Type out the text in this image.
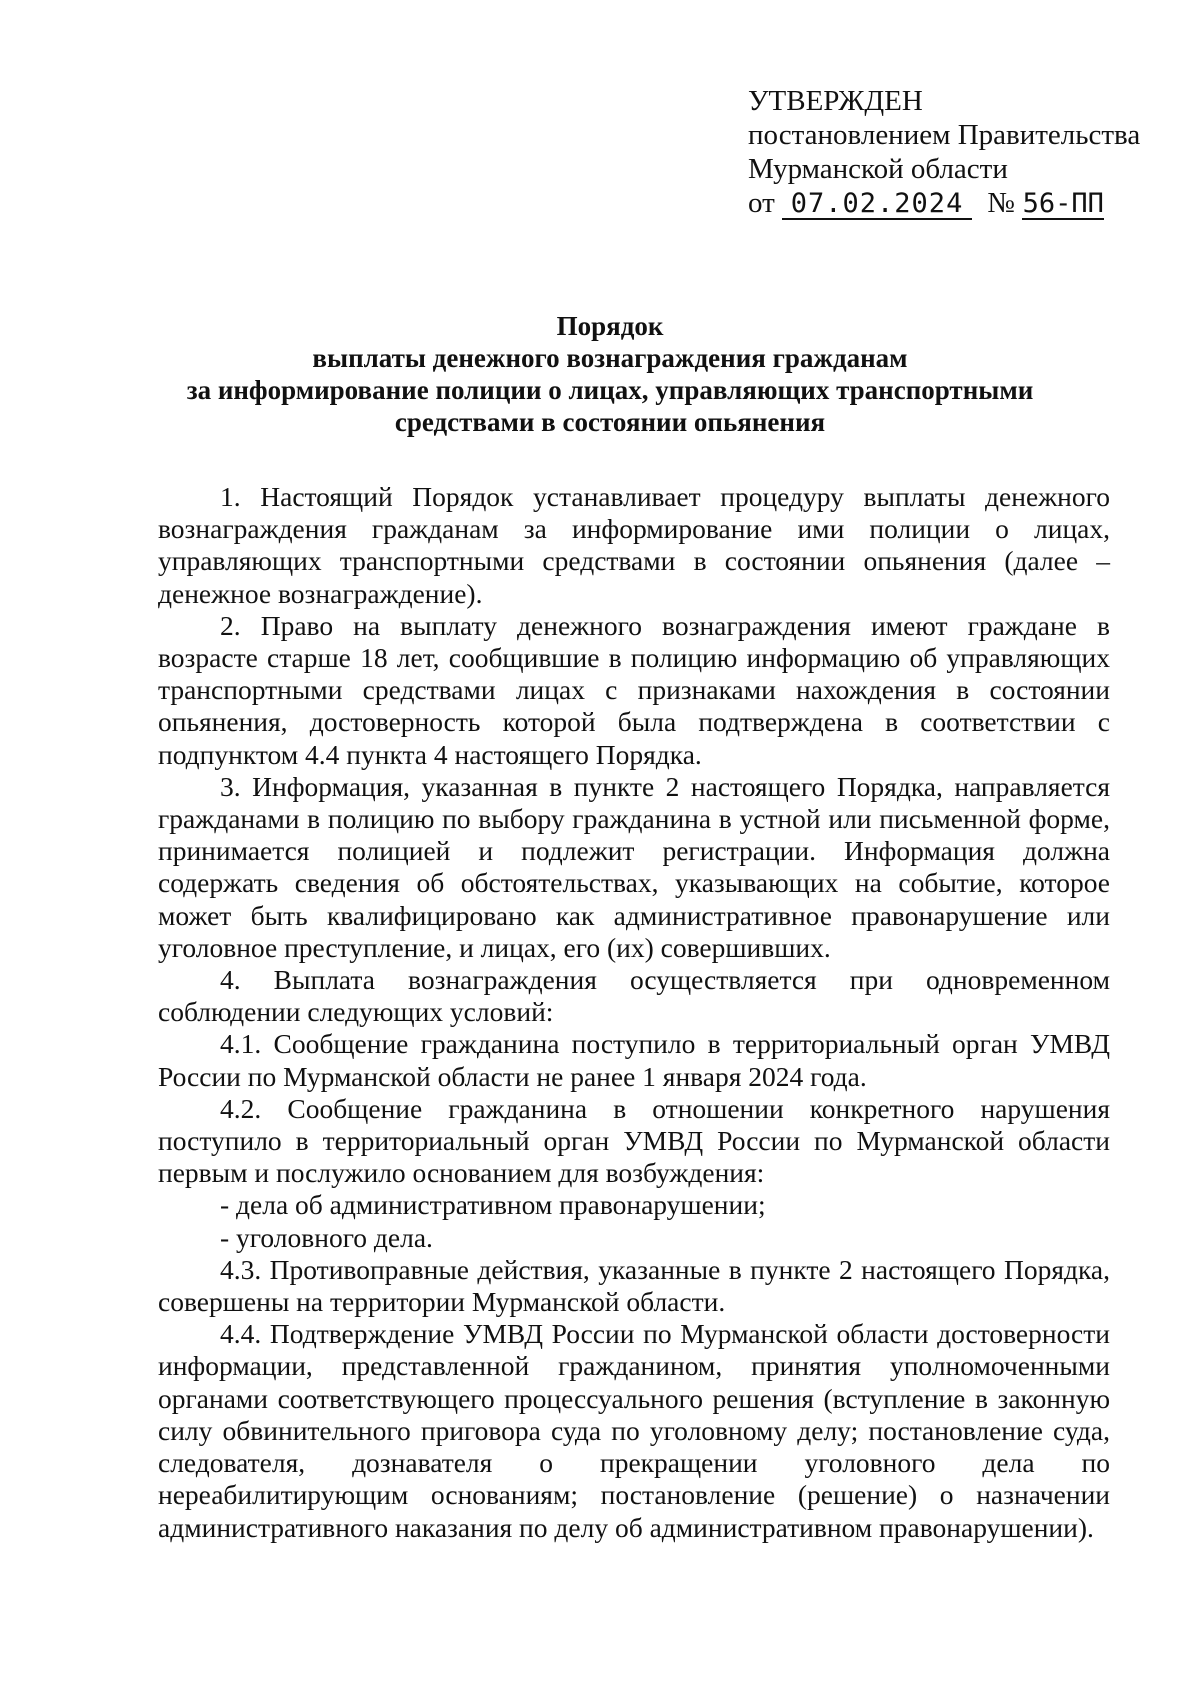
УТВЕРЖДЕН
постановлением Правительства
Мурманской области
от 07.02.2024 № 56-ПП
Порядок
выплаты денежного вознаграждения гражданам
за информирование полиции о лицах, управляющих транспортными
средствами в состоянии опьянения

1. Настоящий Порядок устанавливает процедуру выплаты денежного вознаграждения гражданам за информирование ими полиции о лицах, управляющих транспортными средствами в состоянии опьянения (далее – денежное вознаграждение).

2. Право на выплату денежного вознаграждения имеют граждане в возрасте старше 18 лет, сообщившие в полицию информацию об управляющих транспортными средствами лицах с признаками нахождения в состоянии опьянения, достоверность которой была подтверждена в соответствии с подпунктом 4.4 пункта 4 настоящего Порядка.

3. Информация, указанная в пункте 2 настоящего Порядка, направляется гражданами в полицию по выбору гражданина в устной или письменной форме, принимается полицией и подлежит регистрации. Информация должна содержать сведения об обстоятельствах, указывающих на событие, которое может быть квалифицировано как административное правонарушение или уголовное преступление, и лицах, его (их) совершивших.

4. Выплата вознаграждения осуществляется при одновременном соблюдении следующих условий:

4.1. Сообщение гражданина поступило в территориальный орган УМВД России по Мурманской области не ранее 1 января 2024 года.

4.2. Сообщение гражданина в отношении конкретного нарушения поступило в территориальный орган УМВД России по Мурманской области первым и послужило основанием для возбуждения:

- дела об административном правонарушении;

- уголовного дела.

4.3. Противоправные действия, указанные в пункте 2 настоящего Порядка, совершены на территории Мурманской области.

4.4. Подтверждение УМВД России по Мурманской области достоверности информации, представленной гражданином, принятия уполномоченными органами соответствующего процессуального решения (вступление в законную силу обвинительного приговора суда по уголовному делу; постановление суда, следователя, дознавателя о прекращении уголовного дела по нереабилитирующим основаниям; постановление (решение) о назначении административного наказания по делу об административном правонарушении).
